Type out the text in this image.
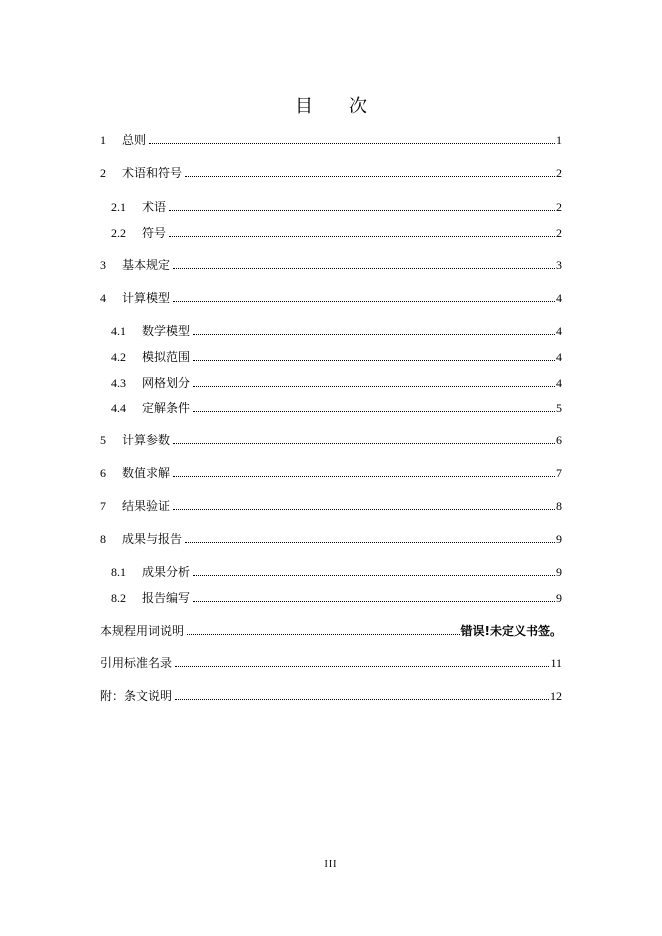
目 次
1	总则	1
2	术语和符号	2
2.1	术语	2
2.2	符号	2
3	基本规定	3
4	计算模型	4
4.1	数学模型	4
4.2	模拟范围	4
4.3	网格划分	4
4.4	定解条件	5
5	计算参数	6
6	数值求解	7
7	结果验证	8
8	成果与报告	9
8.1	成果分析	9
8.2	报告编写	9
本规程用词说明	错误!未定义书签。
引用标准名录	11
附：条文说明	12
III
